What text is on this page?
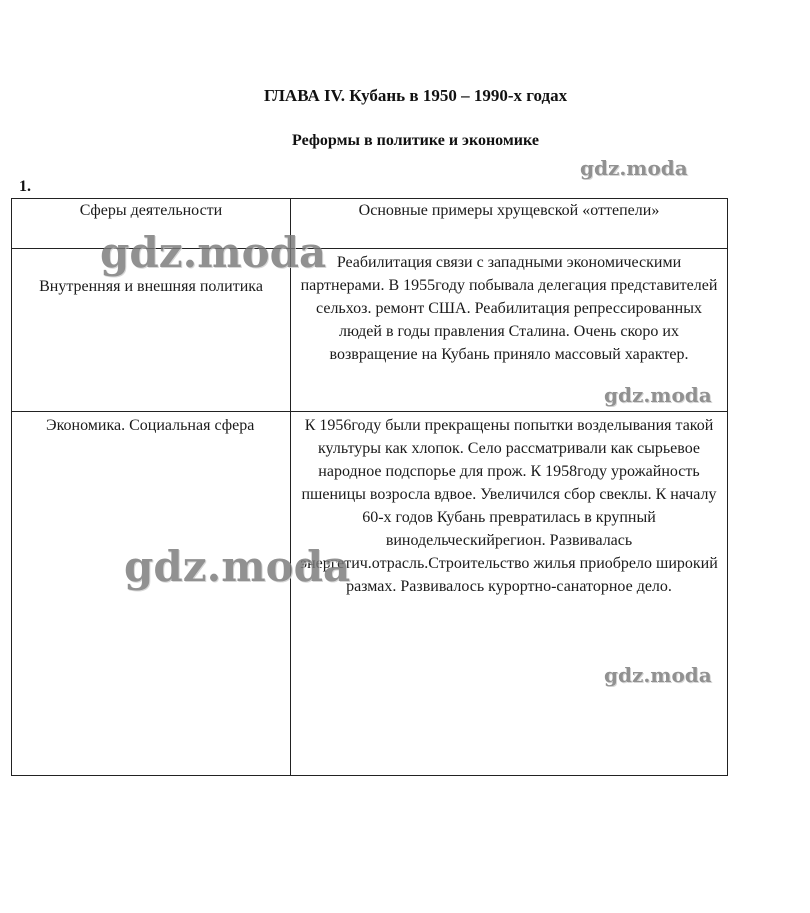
ГЛАВА IV. Кубань в 1950 – 1990-х годах
Реформы в политике и экономике
1.
Сферы деятельности	Основные примеры хрущевской «оттепели»

Внутренняя и внешняя политика	Реабилитация связи с западными экономическими партнерами. В 1955году побывала делегация представителей сельхоз. ремонт США. Реабилитация репрессированных людей в годы правления Сталина. Очень скоро их возвращение на Кубань приняло массовый характер.

Экономика. Социальная сфера	К 1956году были прекращены попытки возделывания такой культуры как хлопок. Село рассматривали как сырьевое народное подспорье для прож. К 1958году урожайность пшеницы возросла вдвое. Увеличился сбор свеклы. К началу 60-х годов Кубань превратилась в крупный винодельческийрегион. Развивалась энергетич.отрасль.Строительство жилья приобрело широкий размах. Развивалось курортно-санаторное дело.
gdz.moda
gdz.moda
gdz.moda
gdz.moda
gdz.moda
